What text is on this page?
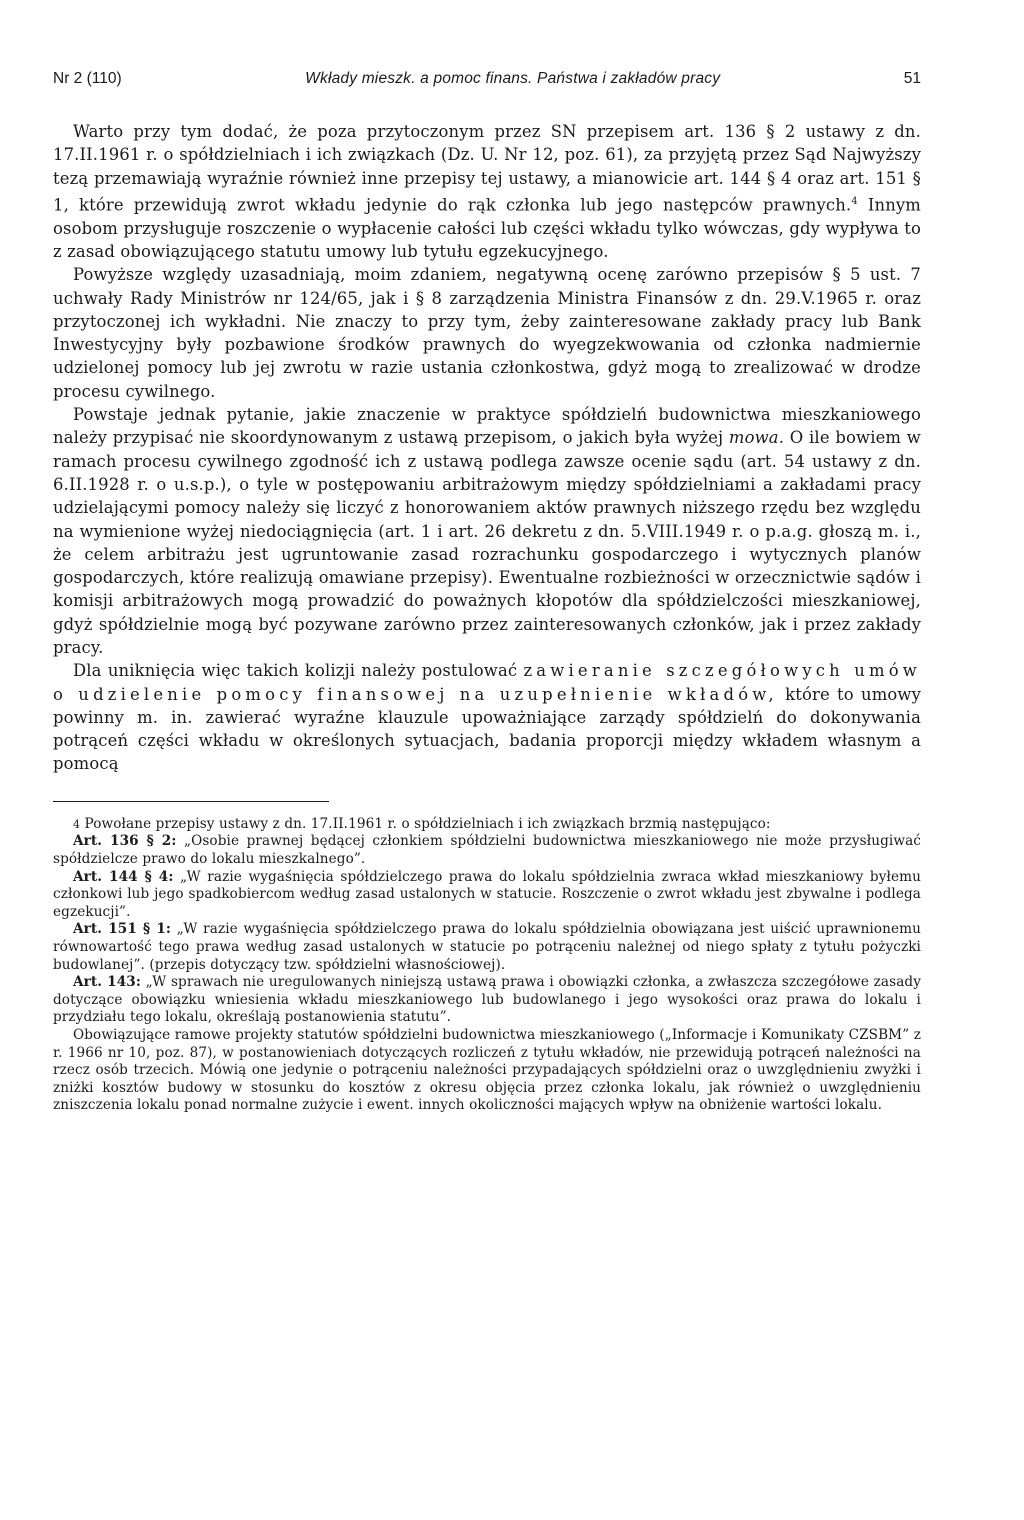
Nr 2 (110)	Wkłady mieszk. a pomoc finans. Państwa i zakładów pracy	51

Warto przy tym dodać, że poza przytoczonym przez SN przepisem art. 136 § 2 ustawy z dn. 17.II.1961 r. o spółdzielniach i ich związkach (Dz. U. Nr 12, poz. 61), za przyjętą przez Sąd Najwyższy tezą przemawiają wyraźnie również inne przepisy tej ustawy, a mianowicie art. 144 § 4 oraz art. 151 § 1, które przewidują zwrot wkładu jedynie do rąk członka lub jego następców prawnych.$^4$ Innym osobom przysługuje roszczenie o wypłacenie całości lub części wkładu tylko wówczas, gdy wypływa to z zasad obowiązującego statutu umowy lub tytułu egzekucyjnego.

Powyższe względy uzasadniają, moim zdaniem, negatywną ocenę zarówno przepisów § 5 ust. 7 uchwały Rady Ministrów nr 124/65, jak i § 8 zarządzenia Ministra Finansów z dn. 29.V.1965 r. oraz przytoczonej ich wykładni. Nie znaczy to przy tym, żeby zainteresowane zakłady pracy lub Bank Inwestycyjny były pozbawione środków prawnych do wyegzekwowania od członka nadmiernie udzielonej pomocy lub jej zwrotu w razie ustania członkostwa, gdyż mogą to zrealizować w drodze procesu cywilnego.

Powstaje jednak pytanie, jakie znaczenie w praktyce spółdzielń budownictwa mieszkaniowego należy przypisać nie skoordynowanym z ustawą przepisom, o jakich była wyżej mowa. O ile bowiem w ramach procesu cywilnego zgodność ich z ustawą podlega zawsze ocenie sądu (art. 54 ustawy z dn. 6.II.1928 r. o u.s.p.), o tyle w postępowaniu arbitrażowym między spółdzielniami a zakładami pracy udzielającymi pomocy należy się liczyć z honorowaniem aktów prawnych niższego rzędu bez względu na wymienione wyżej niedociągnięcia (art. 1 i art. 26 dekretu z dn. 5.VIII.1949 r. o p.a.g. głoszą m. i., że celem arbitrażu jest ugruntowanie zasad rozrachunku gospodarczego i wytycznych planów gospodarczych, które realizują omawiane przepisy). Ewentualne rozbieżności w orzecznictwie sądów i komisji arbitrażowych mogą prowadzić do poważnych kłopotów dla spółdzielczości mieszkaniowej, gdyż spółdzielnie mogą być pozywane zarówno przez zainteresowanych członków, jak i przez zakłady pracy.

Dla uniknięcia więc takich kolizji należy postulować zawieranie szczegółowych umów o udzielenie pomocy finansowej na uzupełnienie wkładów, które to umowy powinny m. in. zawierać wyraźne klauzule upoważniające zarządy spółdzielń do dokonywania potrąceń części wkładu w określonych sytuacjach, badania proporcji między wkładem własnym a pomocą

4 Powołane przepisy ustawy z dn. 17.II.1961 r. o spółdzielniach i ich związkach brzmią następująco:

Art. 136 § 2: „Osobie prawnej będącej członkiem spółdzielni budownictwa mieszkaniowego nie może przysługiwać spółdzielcze prawo do lokalu mieszkalnego”.

Art. 144 § 4: „W razie wygaśnięcia spółdzielczego prawa do lokalu spółdzielnia zwraca wkład mieszkaniowy byłemu członkowi lub jego spadkobiercom według zasad ustalonych w statucie. Roszczenie o zwrot wkładu jest zbywalne i podlega egzekucji”.

Art. 151 § 1: „W razie wygaśnięcia spółdzielczego prawa do lokalu spółdzielnia obowiązana jest uiścić uprawnionemu równowartość tego prawa według zasad ustalonych w statucie po potrąceniu należnej od niego spłaty z tytułu pożyczki budowlanej”. (przepis dotyczący tzw. spółdzielni własnościowej).

Art. 143: „W sprawach nie uregulowanych niniejszą ustawą prawa i obowiązki członka, a zwłaszcza szczegółowe zasady dotyczące obowiązku wniesienia wkładu mieszkaniowego lub budowlanego i jego wysokości oraz prawa do lokalu i przydziału tego lokalu, określają postanowienia statutu”.

Obowiązujące ramowe projekty statutów spółdzielni budownictwa mieszkaniowego („Informacje i Komunikaty CZSBM” z r. 1966 nr 10, poz. 87), w postanowieniach dotyczących rozliczeń z tytułu wkładów, nie przewidują potrąceń należności na rzecz osób trzecich. Mówią one jedynie o potrąceniu należności przypadających spółdzielni oraz o uwzględnieniu zwyżki i zniżki kosztów budowy w stosunku do kosztów z okresu objęcia przez członka lokalu, jak również o uwzględnieniu zniszczenia lokalu ponad normalne zużycie i ewent. innych okoliczności mających wpływ na obniżenie wartości lokalu.
